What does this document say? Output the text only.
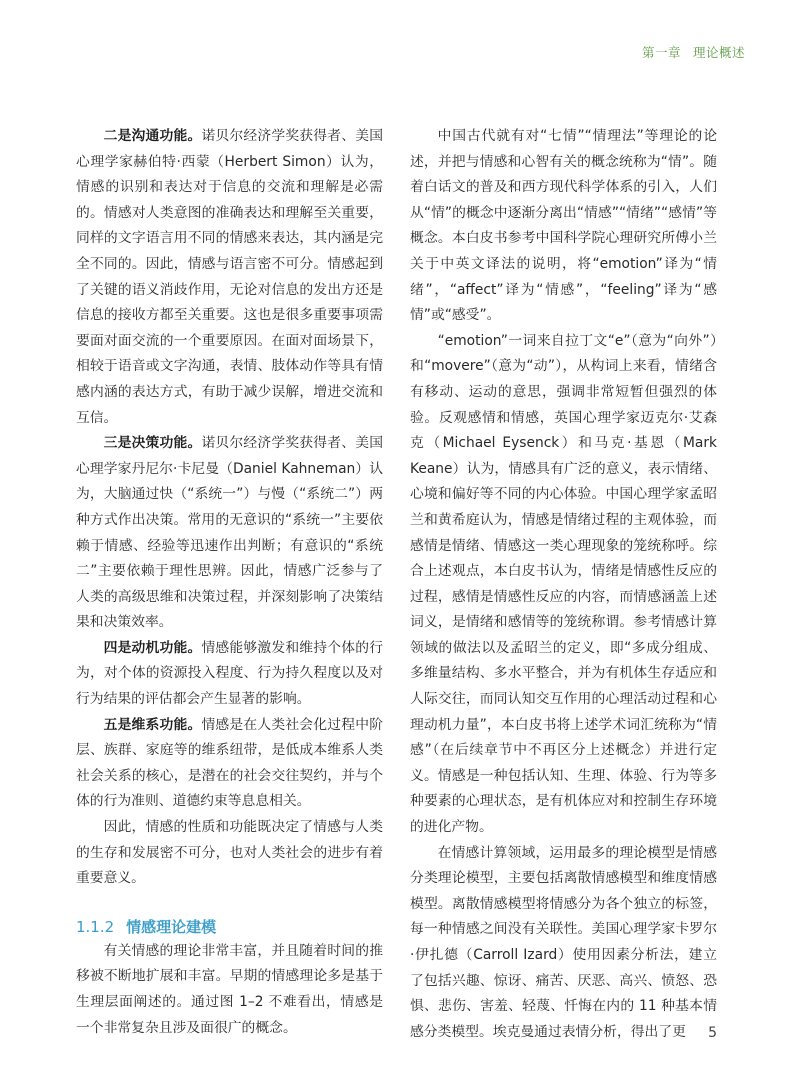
第一章 理论概述

二是沟通功能。诺贝尔经济学奖获得者、美国心理学家赫伯特·西蒙（Herbert Simon）认为，情感的识别和表达对于信息的交流和理解是必需的。情感对人类意图的准确表达和理解至关重要，同样的文字语言用不同的情感来表达，其内涵是完全不同的。因此，情感与语言密不可分。情感起到了关键的语义消歧作用，无论对信息的发出方还是信息的接收方都至关重要。这也是很多重要事项需要面对面交流的一个重要原因。在面对面场景下，相较于语音或文字沟通，表情、肢体动作等具有情感内涵的表达方式，有助于减少误解，增进交流和互信。

三是决策功能。诺贝尔经济学奖获得者、美国心理学家丹尼尔·卡尼曼（Daniel Kahneman）认为，大脑通过快（“系统一”）与慢（“系统二”）两种方式作出决策。常用的无意识的“系统一”主要依赖于情感、经验等迅速作出判断；有意识的“系统二”主要依赖于理性思辨。因此，情感广泛参与了人类的高级思维和决策过程，并深刻影响了决策结果和决策效率。

四是动机功能。情感能够激发和维持个体的行为，对个体的资源投入程度、行为持久程度以及对行为结果的评估都会产生显著的影响。

五是维系功能。情感是在人类社会化过程中阶层、族群、家庭等的维系纽带，是低成本维系人类社会关系的核心，是潜在的社会交往契约，并与个体的行为准则、道德约束等息息相关。

因此，情感的性质和功能既决定了情感与人类的生存和发展密不可分，也对人类社会的进步有着重要意义。

1.1.2 情感理论建模

有关情感的理论非常丰富，并且随着时间的推移被不断地扩展和丰富。早期的情感理论多是基于生理层面阐述的。通过图 1–2 不难看出，情感是一个非常复杂且涉及面很广的概念。

中国古代就有对“七情”“情理法”等理论的论述，并把与情感和心智有关的概念统称为“情”。随着白话文的普及和西方现代科学体系的引入，人们从“情”的概念中逐渐分离出“情感”“情绪”“感情”等概念。本白皮书参考中国科学院心理研究所傅小兰关于中英文译法的说明，将“emotion”译为“情绪”，“affect”译为“情感”，“feeling”译为“感情”或“感受”。

“emotion”一词来自拉丁文“e”（意为“向外”）和“movere”（意为“动”），从构词上来看，情绪含有移动、运动的意思，强调非常短暂但强烈的体验。反观感情和情感，英国心理学家迈克尔·艾森克（Michael Eysenck）和马克·基恩（Mark Keane）认为，情感具有广泛的意义，表示情绪、心境和偏好等不同的内心体验。中国心理学家孟昭兰和黄希庭认为，情感是情绪过程的主观体验，而感情是情绪、情感这一类心理现象的笼统称呼。综合上述观点，本白皮书认为，情绪是情感性反应的过程，感情是情感性反应的内容，而情感涵盖上述词义，是情绪和感情等的笼统称谓。参考情感计算领域的做法以及孟昭兰的定义，即“多成分组成、多维量结构、多水平整合，并为有机体生存适应和人际交往，而同认知交互作用的心理活动过程和心理动机力量”，本白皮书将上述学术词汇统称为“情感”（在后续章节中不再区分上述概念）并进行定义。情感是一种包括认知、生理、体验、行为等多种要素的心理状态，是有机体应对和控制生存环境的进化产物。

在情感计算领域，运用最多的理论模型是情感分类理论模型，主要包括离散情感模型和维度情感模型。离散情感模型将情感分为各个独立的标签，每一种情感之间没有关联性。美国心理学家卡罗尔·伊扎德（Carroll Izard）使用因素分析法，建立了包括兴趣、惊讶、痛苦、厌恶、高兴、愤怒、恐惧、悲伤、害羞、轻蔑、忏悔在内的 11 种基本情感分类模型。埃克曼通过表情分析，得出了更	5
